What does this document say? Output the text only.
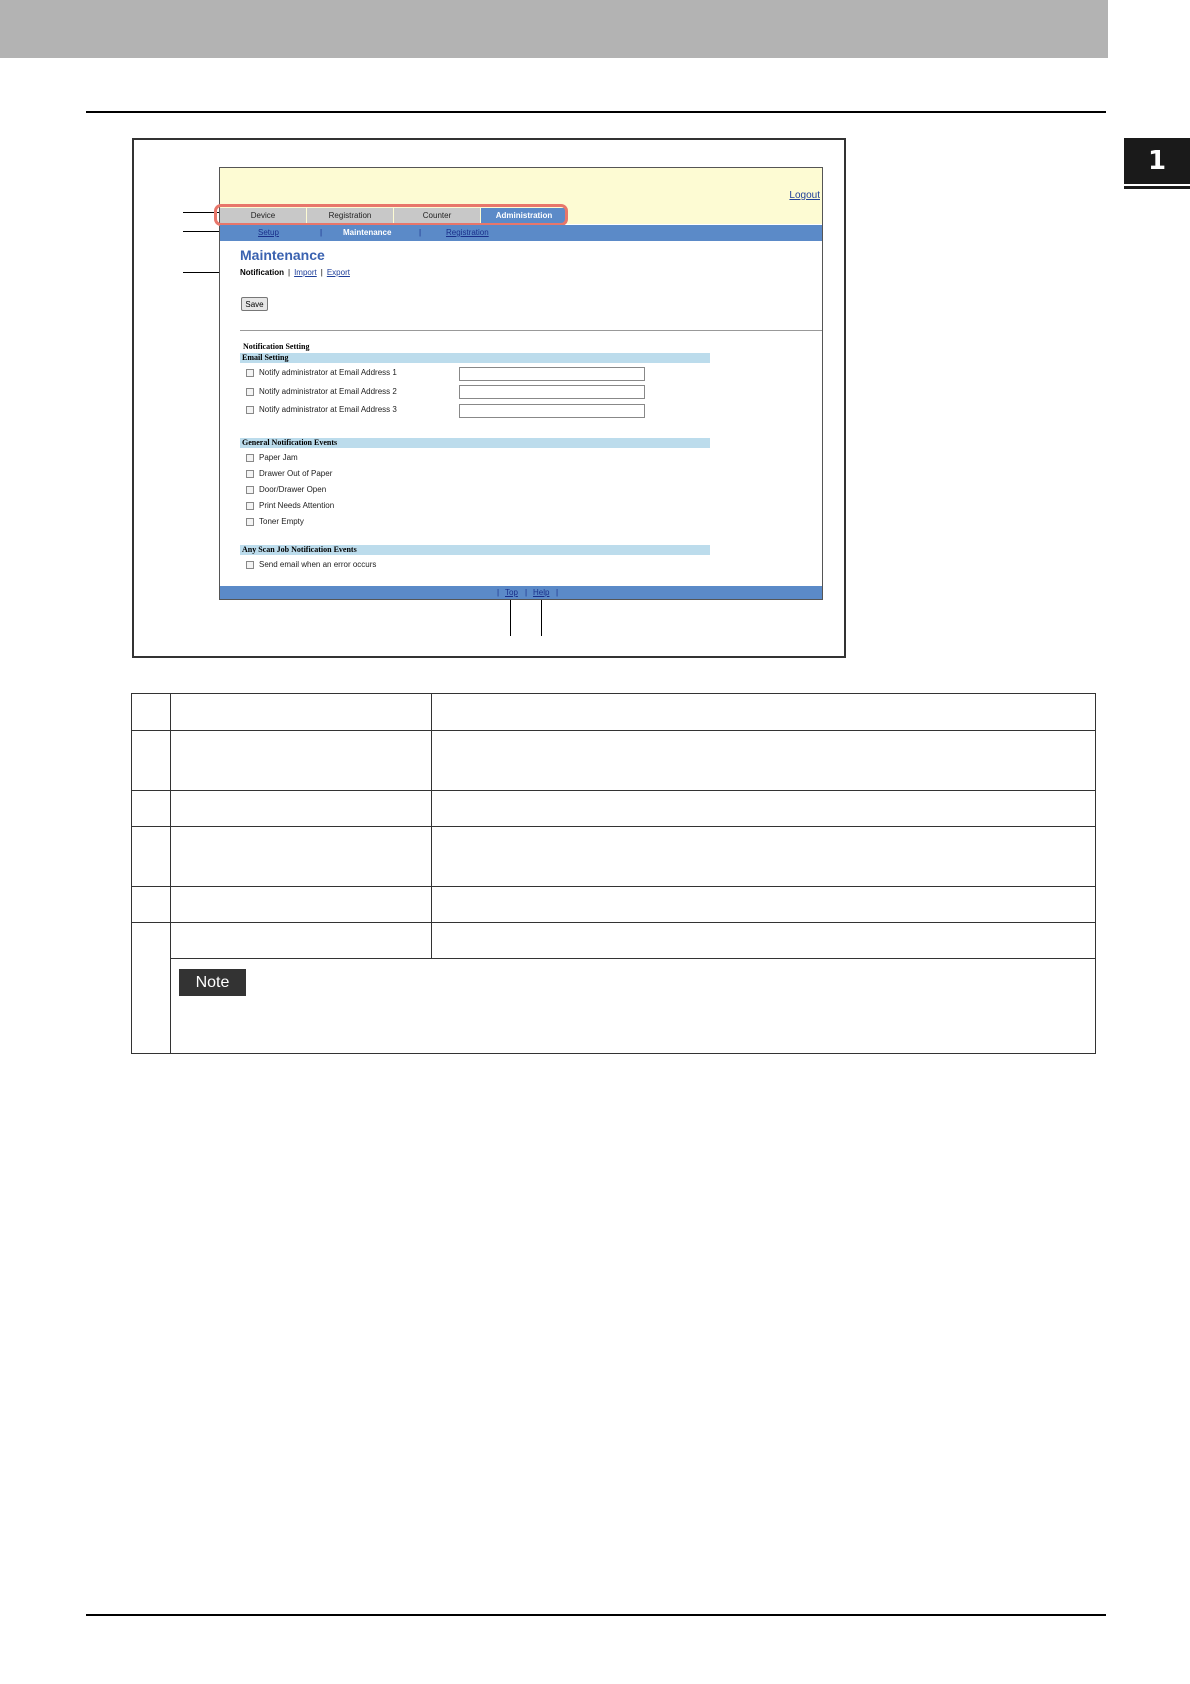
1
Logout
Device	Registration	Counter	Administration
Setup	|	Maintenance	|	Registration
Maintenance
Notification | Import | Export
Save
Notification Setting
Email Setting
Notify administrator at Email Address 1
Notify administrator at Email Address 2
Notify administrator at Email Address 3
General Notification Events
Paper Jam
Drawer Out of Paper
Door/Drawer Open
Print Needs Attention
Toner Empty
Any Scan Job Notification Events
Send email when an error occurs
| Top | Help |
Note
